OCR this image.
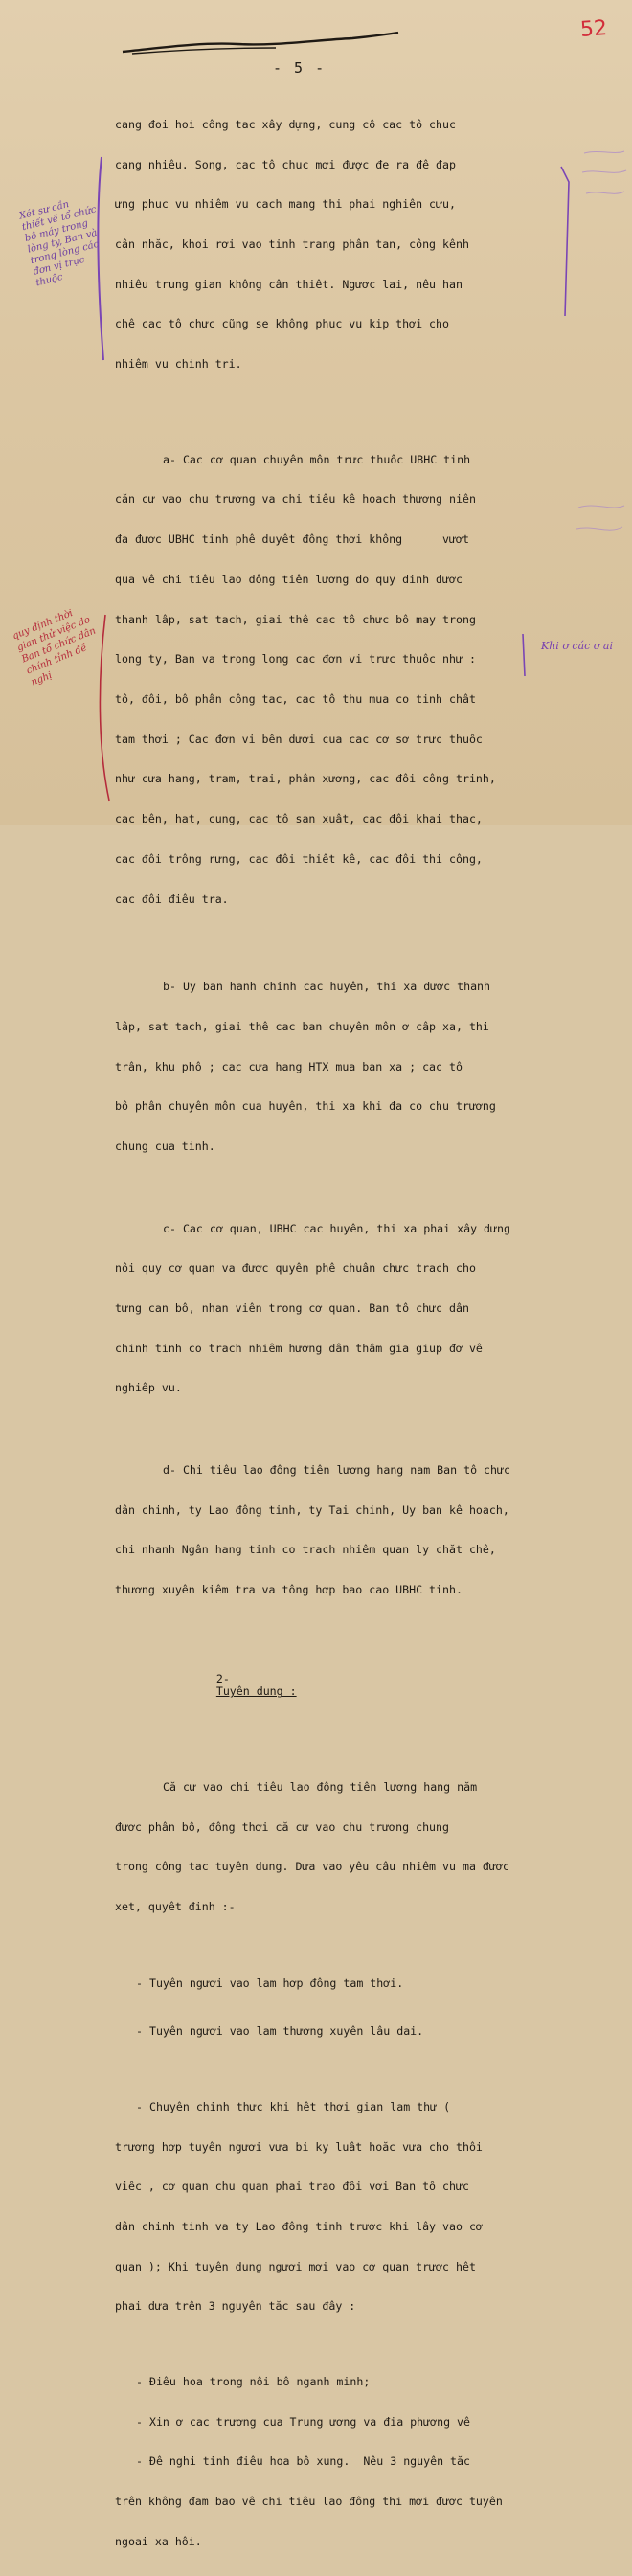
52
- 5 -

cang đoi hoi công tac xây dựng, cung cô cac tô chuc

cang nhiêu. Song, cac tô chuc mơi được đe ra đê đap

ưng phuc vu nhiêm vu cach mang thi phai nghiên cưu,

cân nhăc, khoi rơi vao tinh trang phân tan, công kênh

nhiêu trung gian không cân thiêt. Ngươc lai, nêu han

chê cac tô chưc cũng se không phuc vu kip thơi cho

nhiêm vu chinh tri.

a- Cac cơ quan chuyên môn trưc thuôc UBHC tinh

căn cư vao chu trương va chi tiêu kê hoach thương niên

đa đươc UBHC tinh phê duyêt đông thơi không      vươt

qua vê chi tiêu lao đông tiên lương do quy đinh đươc

thanh lâp, sat tach, giai thê cac tô chưc bô may trong

long ty, Ban va trong long cac đơn vi trưc thuôc như :

tô, đôi, bô phân công tac, cac tô thu mua co tinh chât

tam thơi ; Cac đơn vi bên dươi cua cac cơ sơ trưc thuôc

như cưa hang, tram, trai, phân xương, cac đôi công trinh,

cac bên, hat, cung, cac tô san xuât, cac đôi khai thac,

cac đôi trông rưng, cac đôi thiêt kê, cac đôi thi công,

cac đôi điêu tra.

b- Uy ban hanh chinh cac huyên, thi xa đươc thanh

lâp, sat tach, giai thê cac ban chuyên môn ơ câp xa, thi

trân, khu phô ; cac cưa hang HTX mua ban xa ; cac tô

bô phân chuyên môn cua huyên, thi xa khi đa co chu trương

chung cua tinh.

c- Cac cơ quan, UBHC cac huyên, thi xa phai xây dưng

nôi quy cơ quan va đươc quyên phê chuân chưc trach cho

tưng can bô, nhan viên trong cơ quan. Ban tô chưc dân

chinh tinh co trach nhiêm hương dân thâm gia giup đơ vê

nghiêp vu.

d- Chi tiêu lao đông tiên lương hang nam Ban tô chưc

dân chinh, ty Lao đông tinh, ty Tai chinh, Uy ban kê hoach,

chi nhanh Ngân hang tinh co trach nhiêm quan ly chăt chê,

thương xuyên kiêm tra va tông hơp bao cao UBHC tinh.

2-
Tuyên dung :

Că cư vao chi tiêu lao đông tiên lương hang năm

đươc phân bô, đông thơi că cư vao chu trương chung

trong công tac tuyên dung. Dưa vao yêu câu nhiêm vu ma đươc

xet, quyêt đinh :-

- Tuyên ngươi vao lam hơp đông tam thơi.

- Tuyên ngươi vao lam thương xuyên lâu dai.

- Chuyên chinh thưc khi hêt thơi gian lam thư (

trương hơp tuyên ngươi vưa bi ky luât hoăc vưa cho thôi

viêc , cơ quan chu quan phai trao đôi vơi Ban tô chưc

dân chinh tinh va ty Lao đông tinh trươc khi lây vao cơ

quan ); Khi tuyên dung ngươi mơi vao cơ quan trươc hêt

phai dưa trên 3 nguyên tăc sau đây :

- Điêu hoa trong nôi bô nganh minh;

- Xin ơ cac trương cua Trung ương va đia phương vê

- Đê nghi tinh điêu hoa bô xung.  Nêu 3 nguyên tăc

trên không đam bao vê chi tiêu lao đông thi mơi đươc tuyên

ngoai xa hôi.

Xét sư cần thiết về tổ chức bộ máy trong lòng ty, Ban và trong lòng các đơn vị trực thuộc
quy định thời gian thử việc do Ban tổ chức dân chính tỉnh đề nghị
Khi ơ các ơ ai
